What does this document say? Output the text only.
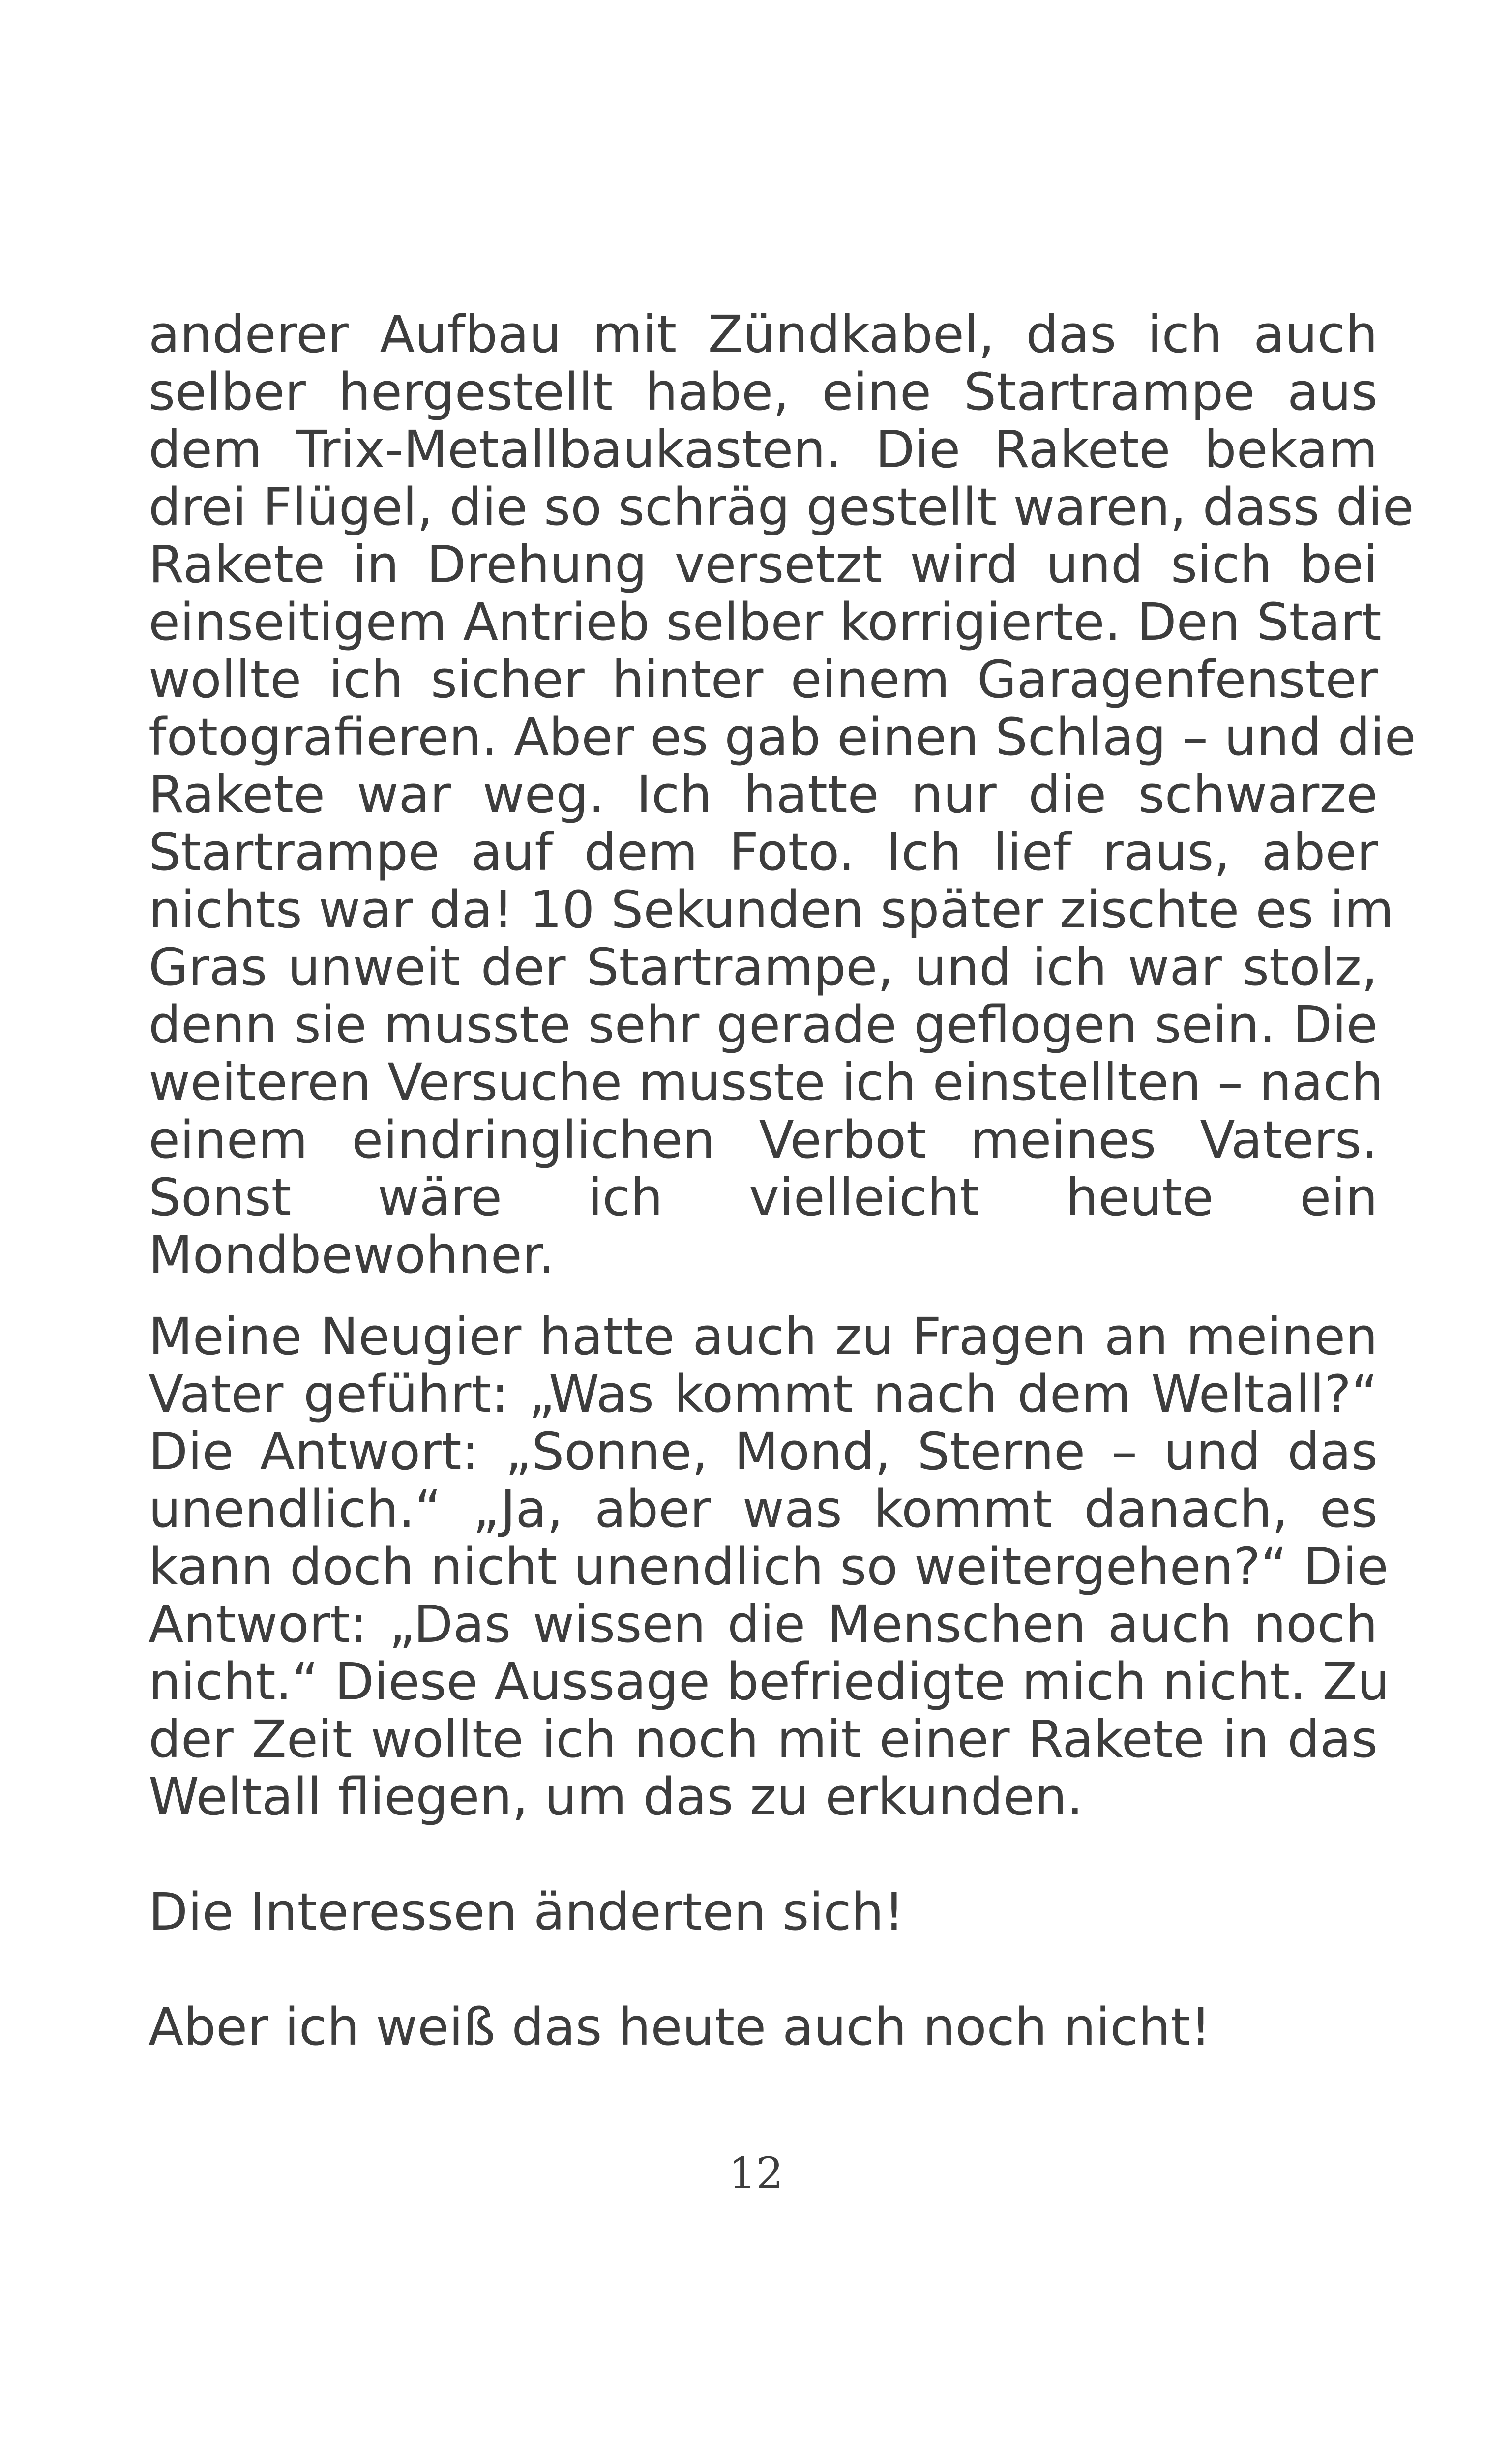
anderer Aufbau mit Zündkabel, das ich auch
selber hergestellt habe, eine Startrampe aus
dem Trix-Metallbaukasten. Die Rakete bekam
drei Flügel, die so schräg gestellt waren, dass die
Rakete in Drehung versetzt wird und sich bei
einseitigem Antrieb selber korrigierte. Den Start
wollte ich sicher hinter einem Garagenfenster
fotografieren. Aber es gab einen Schlag – und die
Rakete war weg. Ich hatte nur die schwarze
Startrampe auf dem Foto. Ich lief raus, aber
nichts war da! 10 Sekunden später zischte es im
Gras unweit der Startrampe, und ich war stolz,
denn sie musste sehr gerade geflogen sein. Die
weiteren Versuche musste ich einstellten – nach
einem eindringlichen Verbot meines Vaters.
Sonst wäre ich vielleicht heute ein
Mondbewohner.

Meine Neugier hatte auch zu Fragen an meinen
Vater geführt: „Was kommt nach dem Weltall?“
Die Antwort: „Sonne, Mond, Sterne – und das
unendlich.“ „Ja, aber was kommt danach, es
kann doch nicht unendlich so weitergehen?“ Die
Antwort: „Das wissen die Menschen auch noch
nicht.“ Diese Aussage befriedigte mich nicht. Zu
der Zeit wollte ich noch mit einer Rakete in das
Weltall fliegen, um das zu erkunden.

Die Interessen änderten sich!

Aber ich weiß das heute auch noch nicht!

12
